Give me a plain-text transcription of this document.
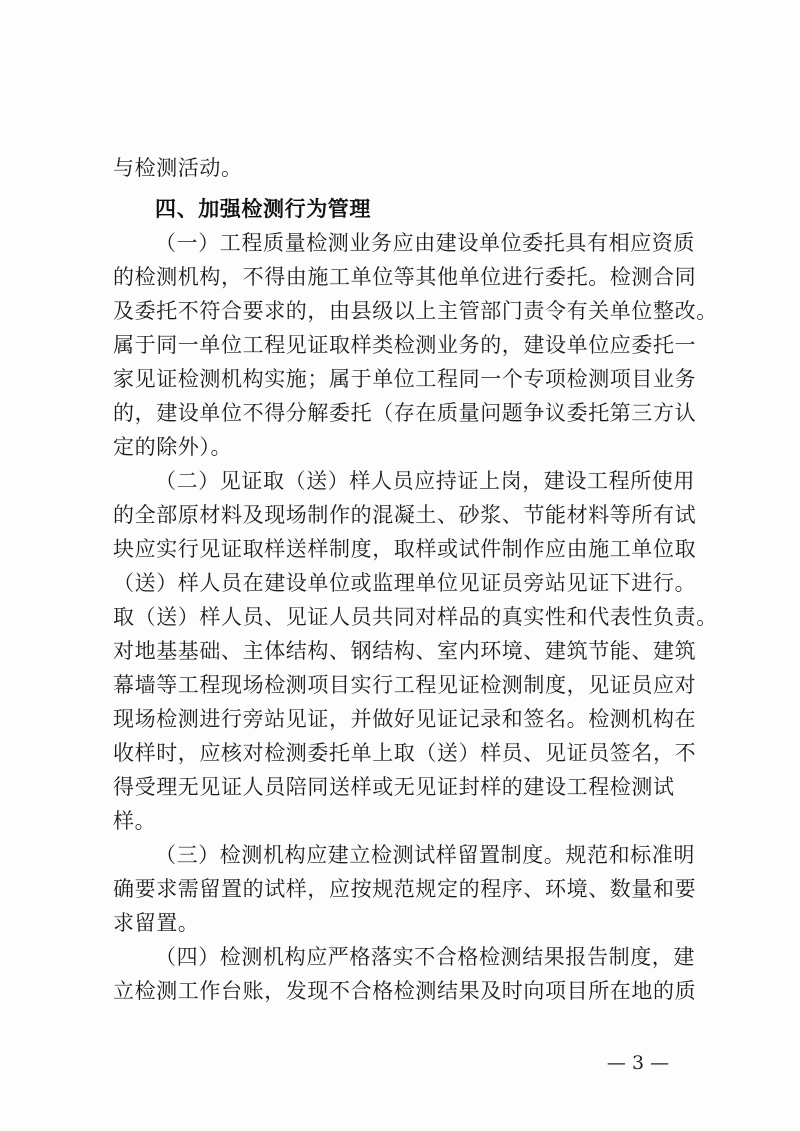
与检测活动。
四、加强检测行为管理
（一）工程质量检测业务应由建设单位委托具有相应资质
的检测机构，不得由施工单位等其他单位进行委托。检测合同
及委托不符合要求的，由县级以上主管部门责令有关单位整改。
属于同一单位工程见证取样类检测业务的，建设单位应委托一
家见证检测机构实施；属于单位工程同一个专项检测项目业务
的，建设单位不得分解委托（存在质量问题争议委托第三方认
定的除外）。
（二）见证取（送）样人员应持证上岗，建设工程所使用
的全部原材料及现场制作的混凝土、砂浆、节能材料等所有试
块应实行见证取样送样制度，取样或试件制作应由施工单位取
（送）样人员在建设单位或监理单位见证员旁站见证下进行。
取（送）样人员、见证人员共同对样品的真实性和代表性负责。
对地基基础、主体结构、钢结构、室内环境、建筑节能、建筑
幕墙等工程现场检测项目实行工程见证检测制度，见证员应对
现场检测进行旁站见证，并做好见证记录和签名。检测机构在
收样时，应核对检测委托单上取（送）样员、见证员签名，不
得受理无见证人员陪同送样或无见证封样的建设工程检测试
样。
（三）检测机构应建立检测试样留置制度。规范和标准明
确要求需留置的试样，应按规范规定的程序、环境、数量和要
求留置。
（四）检测机构应严格落实不合格检测结果报告制度，建
立检测工作台账，发现不合格检测结果及时向项目所在地的质
— 3 —
